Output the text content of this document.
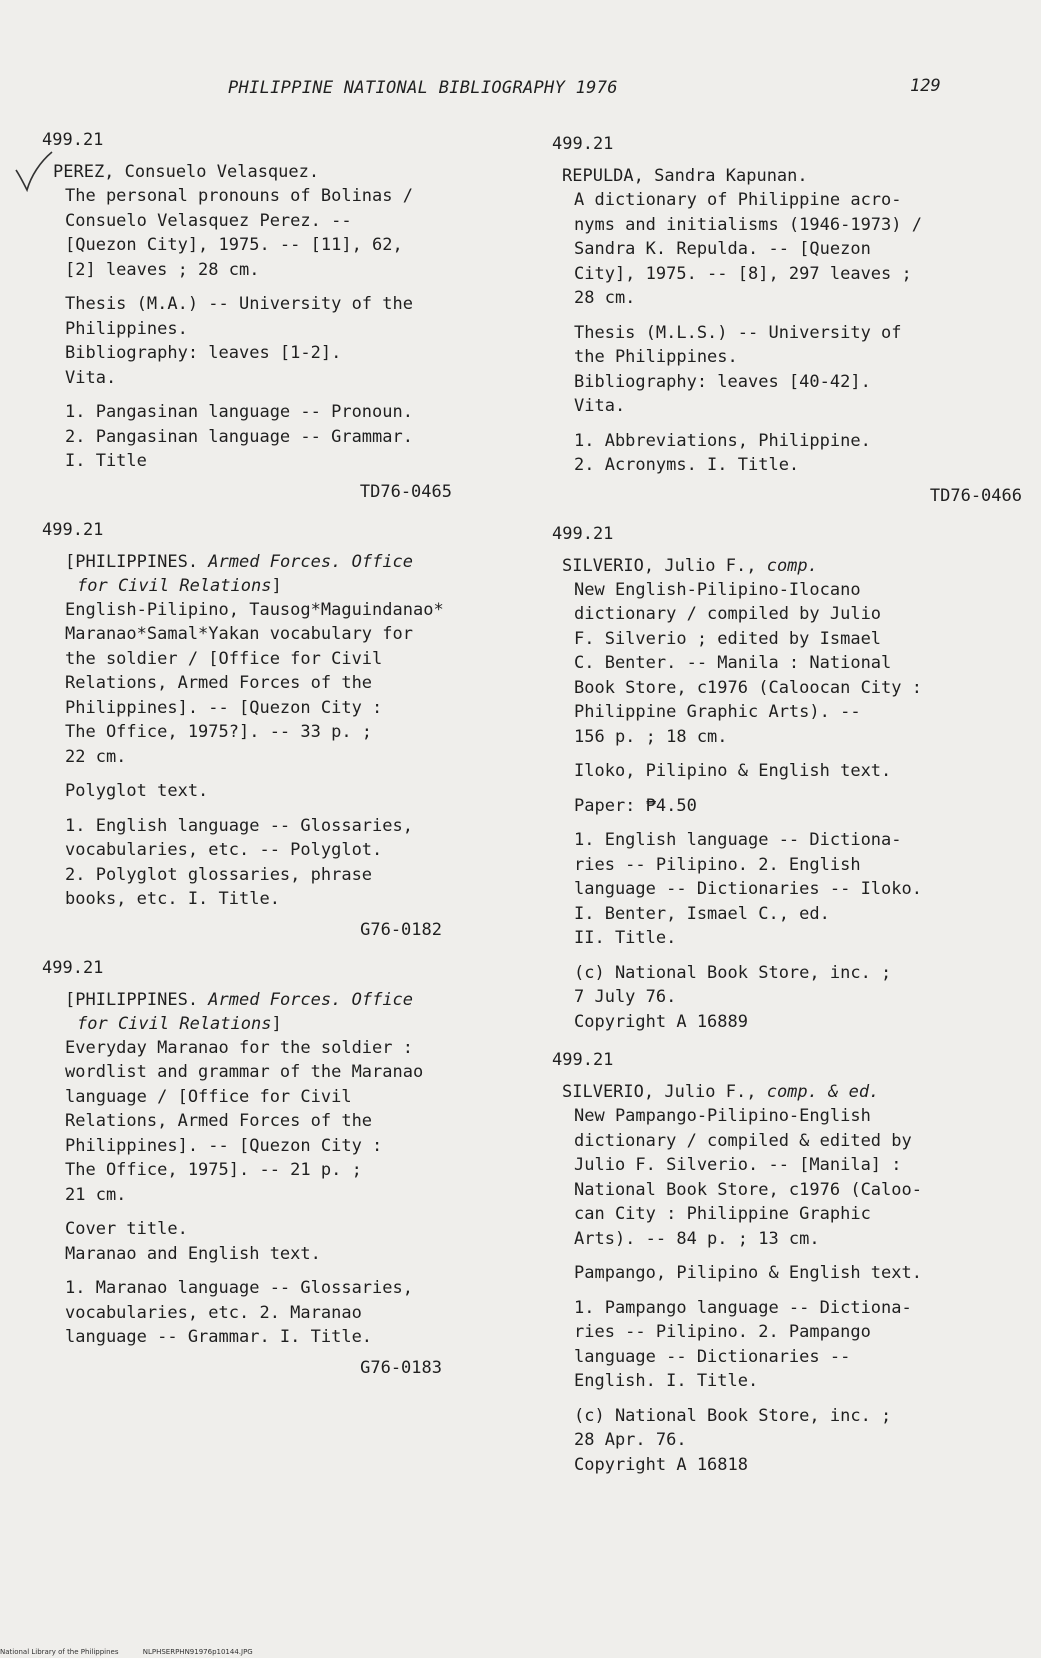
PHILIPPINE NATIONAL BIBLIOGRAPHY 1976	129
499.21
PEREZ, Consuelo Velasquez.

The personal pronouns of Bolinas /

Consuelo Velasquez Perez. --

[Quezon City], 1975. -- [11], 62,

[2] leaves ; 28 cm.

Thesis (M.A.) -- University of the

Philippines.

Bibliography: leaves [1-2].

Vita.

1. Pangasinan language -- Pronoun.

2. Pangasinan language -- Grammar.

I. Title

TD76-0465
499.21

[PHILIPPINES. Armed Forces. Office

for Civil Relations]

English-Pilipino, Tausog*Maguindanao*

Maranao*Samal*Yakan vocabulary for

the soldier / [Office for Civil

Relations, Armed Forces of the

Philippines]. -- [Quezon City :

The Office, 1975?]. -- 33 p. ;

22 cm.

Polyglot text.

1. English language -- Glossaries,

vocabularies, etc. -- Polyglot.

2. Polyglot glossaries, phrase

books, etc. I. Title.

G76-0182
499.21

[PHILIPPINES. Armed Forces. Office

for Civil Relations]

Everyday Maranao for the soldier :

wordlist and grammar of the Maranao

language / [Office for Civil

Relations, Armed Forces of the

Philippines]. -- [Quezon City :

The Office, 1975]. -- 21 p. ;

21 cm.

Cover title.

Maranao and English text.

1. Maranao language -- Glossaries,

vocabularies, etc. 2. Maranao

language -- Grammar. I. Title.

G76-0183
499.21
REPULDA, Sandra Kapunan.

A dictionary of Philippine acro-

nyms and initialisms (1946-1973) /

Sandra K. Repulda. -- [Quezon

City], 1975. -- [8], 297 leaves ;

28 cm.

Thesis (M.L.S.) -- University of

the Philippines.

Bibliography: leaves [40-42].

Vita.

1. Abbreviations, Philippine.

2. Acronyms. I. Title.

TD76-0466
499.21
SILVERIO, Julio F., comp.

New English-Pilipino-Ilocano

dictionary / compiled by Julio

F. Silverio ; edited by Ismael

C. Benter. -- Manila : National

Book Store, c1976 (Caloocan City :

Philippine Graphic Arts). --

156 p. ; 18 cm.

Iloko, Pilipino & English text.

Paper: ₱4.50

1. English language -- Dictiona-

ries -- Pilipino. 2. English

language -- Dictionaries -- Iloko.

I. Benter, Ismael C., ed.

II. Title.

(c) National Book Store, inc. ;

7 July 76.

Copyright A 16889

499.21
SILVERIO, Julio F., comp. & ed.

New Pampango-Pilipino-English

dictionary / compiled & edited by

Julio F. Silverio. -- [Manila] :

National Book Store, c1976 (Caloo-

can City : Philippine Graphic

Arts). -- 84 p. ; 13 cm.

Pampango, Pilipino & English text.

1. Pampango language -- Dictiona-

ries -- Pilipino. 2. Pampango

language -- Dictionaries --

English. I. Title.

(c) National Book Store, inc. ;

28 Apr. 76.

Copyright A 16818

National Library of the Philippines	NLPHSERPHN91976p10144.JPG
